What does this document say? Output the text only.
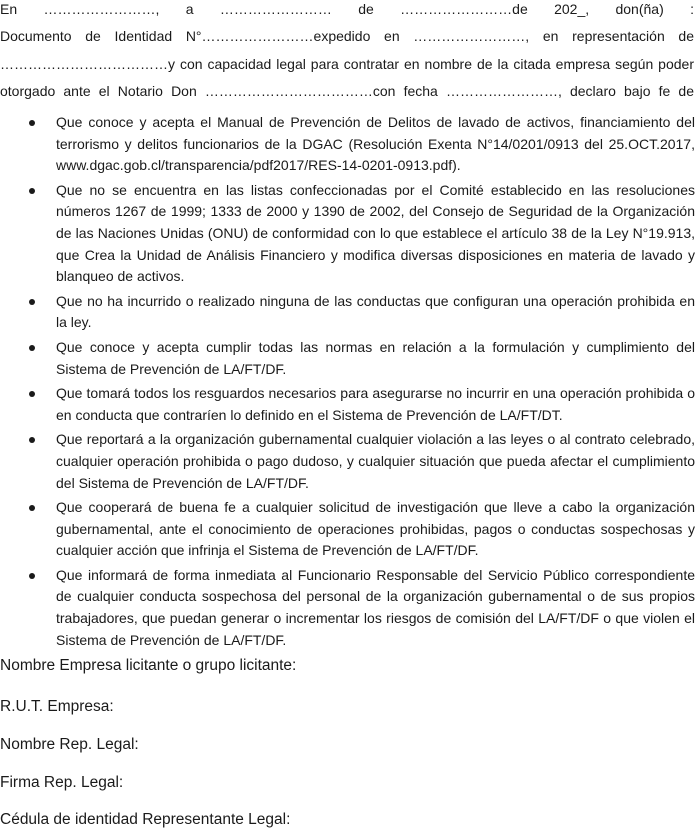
En ……………………, a …………………… de ……………………de 202_, don(ña) :
Documento de Identidad N°……………………expedido en ……………………, en representación de
………………………………y con capacidad legal para contratar en nombre de la citada empresa según poder
otorgado ante el Notario Don ………………………………con fecha ……………………, declaro bajo fe de
Que conoce y acepta el Manual de Prevención de Delitos de lavado de activos, financiamiento del terrorismo y delitos funcionarios de la DGAC (Resolución Exenta N°14/0201/0913 del 25.OCT.2017, www.dgac.gob.cl/transparencia/pdf2017/RES-14-0201-0913.pdf).
Que no se encuentra en las listas confeccionadas por el Comité establecido en las resoluciones números 1267 de 1999; 1333 de 2000 y 1390 de 2002, del Consejo de Seguridad de la Organización de las Naciones Unidas (ONU) de conformidad con lo que establece el artículo 38 de la Ley N°19.913, que Crea la Unidad de Análisis Financiero y modifica diversas disposiciones en materia de lavado y blanqueo de activos.
Que no ha incurrido o realizado ninguna de las conductas que configuran una operación prohibida en la ley.
Que conoce y acepta cumplir todas las normas en relación a la formulación y cumplimiento del Sistema de Prevención de LA/FT/DF.
Que tomará todos los resguardos necesarios para asegurarse no incurrir en una operación prohibida o en conducta que contraríen lo definido en el Sistema de Prevención de LA/FT/DT.
Que reportará a la organización gubernamental cualquier violación a las leyes o al contrato celebrado, cualquier operación prohibida o pago dudoso, y cualquier situación que pueda afectar el cumplimiento del Sistema de Prevención de LA/FT/DF.
Que cooperará de buena fe a cualquier solicitud de investigación que lleve a cabo la organización gubernamental, ante el conocimiento de operaciones prohibidas, pagos o conductas sospechosas y cualquier acción que infrinja el Sistema de Prevención de LA/FT/DF.
Que informará de forma inmediata al Funcionario Responsable del Servicio Público correspondiente de cualquier conducta sospechosa del personal de la organización gubernamental o de sus propios trabajadores, que puedan generar o incrementar los riesgos de comisión del LA/FT/DF o que violen el Sistema de Prevención de LA/FT/DF.
Nombre Empresa licitante o grupo licitante:
R.U.T. Empresa:
Nombre Rep. Legal:
Firma Rep. Legal:
Cédula de identidad Representante Legal:
